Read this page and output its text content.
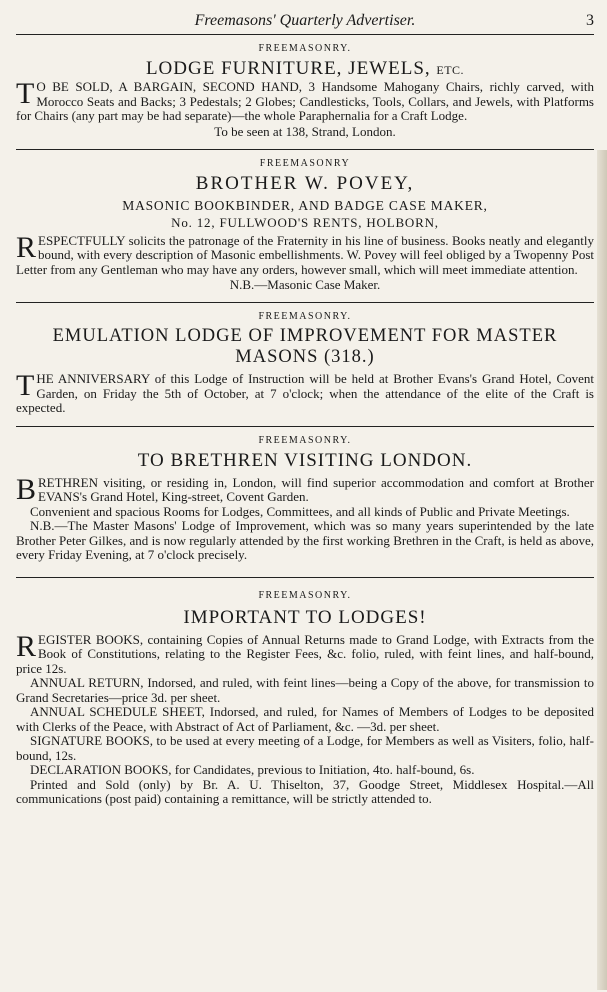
Freemasons' Quarterly Advertiser.	3
FREEMASONRY.
LODGE FURNITURE, JEWELS, ETC.

T O BE SOLD, A BARGAIN, SECOND HAND, 3 Handsome Mahogany Chairs, richly carved, with Morocco Seats and Backs; 3 Pedestals; 2 Globes; Candlesticks, Tools, Collars, and Jewels, with Platforms for Chairs (any part may be had separate)—the whole Paraphernalia for a Craft Lodge.

To be seen at 138, Strand, London.
FREEMASONRY
BROTHER W. POVEY,
MASONIC BOOKBINDER, AND BADGE CASE MAKER,
No. 12, FULLWOOD'S RENTS, HOLBORN,

RESPECTFULLY solicits the patronage of the Fraternity in his line of business. Books neatly and elegantly bound, with every description of Masonic embellishments. W. Povey will feel obliged by a Twopenny Post Letter from any Gentleman who may have any orders, however small, which will meet immediate attention.

N.B.—Masonic Case Maker.
FREEMASONRY.
EMULATION LODGE OF IMPROVEMENT FOR MASTER MASONS (318.)

THE ANNIVERSARY of this Lodge of Instruction will be held at Brother Evans's Grand Hotel, Covent Garden, on Friday the 5th of October, at 7 o'clock; when the attendance of the elite of the Craft is expected.

FREEMASONRY.
TO BRETHREN VISITING LONDON.

BRETHREN visiting, or residing in, London, will find superior accommodation and comfort at Brother EVANS's Grand Hotel, King-street, Covent Garden.

Convenient and spacious Rooms for Lodges, Committees, and all kinds of Public and Private Meetings.

N.B.—The Master Masons' Lodge of Improvement, which was so many years superintended by the late Brother Peter Gilkes, and is now regularly attended by the first working Brethren in the Craft, is held as above, every Friday Evening, at 7 o'clock precisely.

FREEMASONRY.
IMPORTANT TO LODGES!

REGISTER BOOKS, containing Copies of Annual Returns made to Grand Lodge, with Extracts from the Book of Constitutions, relating to the Register Fees, &c. folio, ruled, with feint lines, and half-bound, price 12s.

ANNUAL RETURN, Indorsed, and ruled, with feint lines—being a Copy of the above, for transmission to Grand Secretaries—price 3d. per sheet.

ANNUAL SCHEDULE SHEET, Indorsed, and ruled, for Names of Members of Lodges to be deposited with Clerks of the Peace, with Abstract of Act of Parliament, &c. —3d. per sheet.

SIGNATURE BOOKS, to be used at every meeting of a Lodge, for Members as well as Visiters, folio, half-bound, 12s.

DECLARATION BOOKS, for Candidates, previous to Initiation, 4to. half-bound, 6s.

Printed and Sold (only) by Br. A. U. Thiselton, 37, Goodge Street, Middlesex Hospital.—All communications (post paid) containing a remittance, will be strictly attended to.
